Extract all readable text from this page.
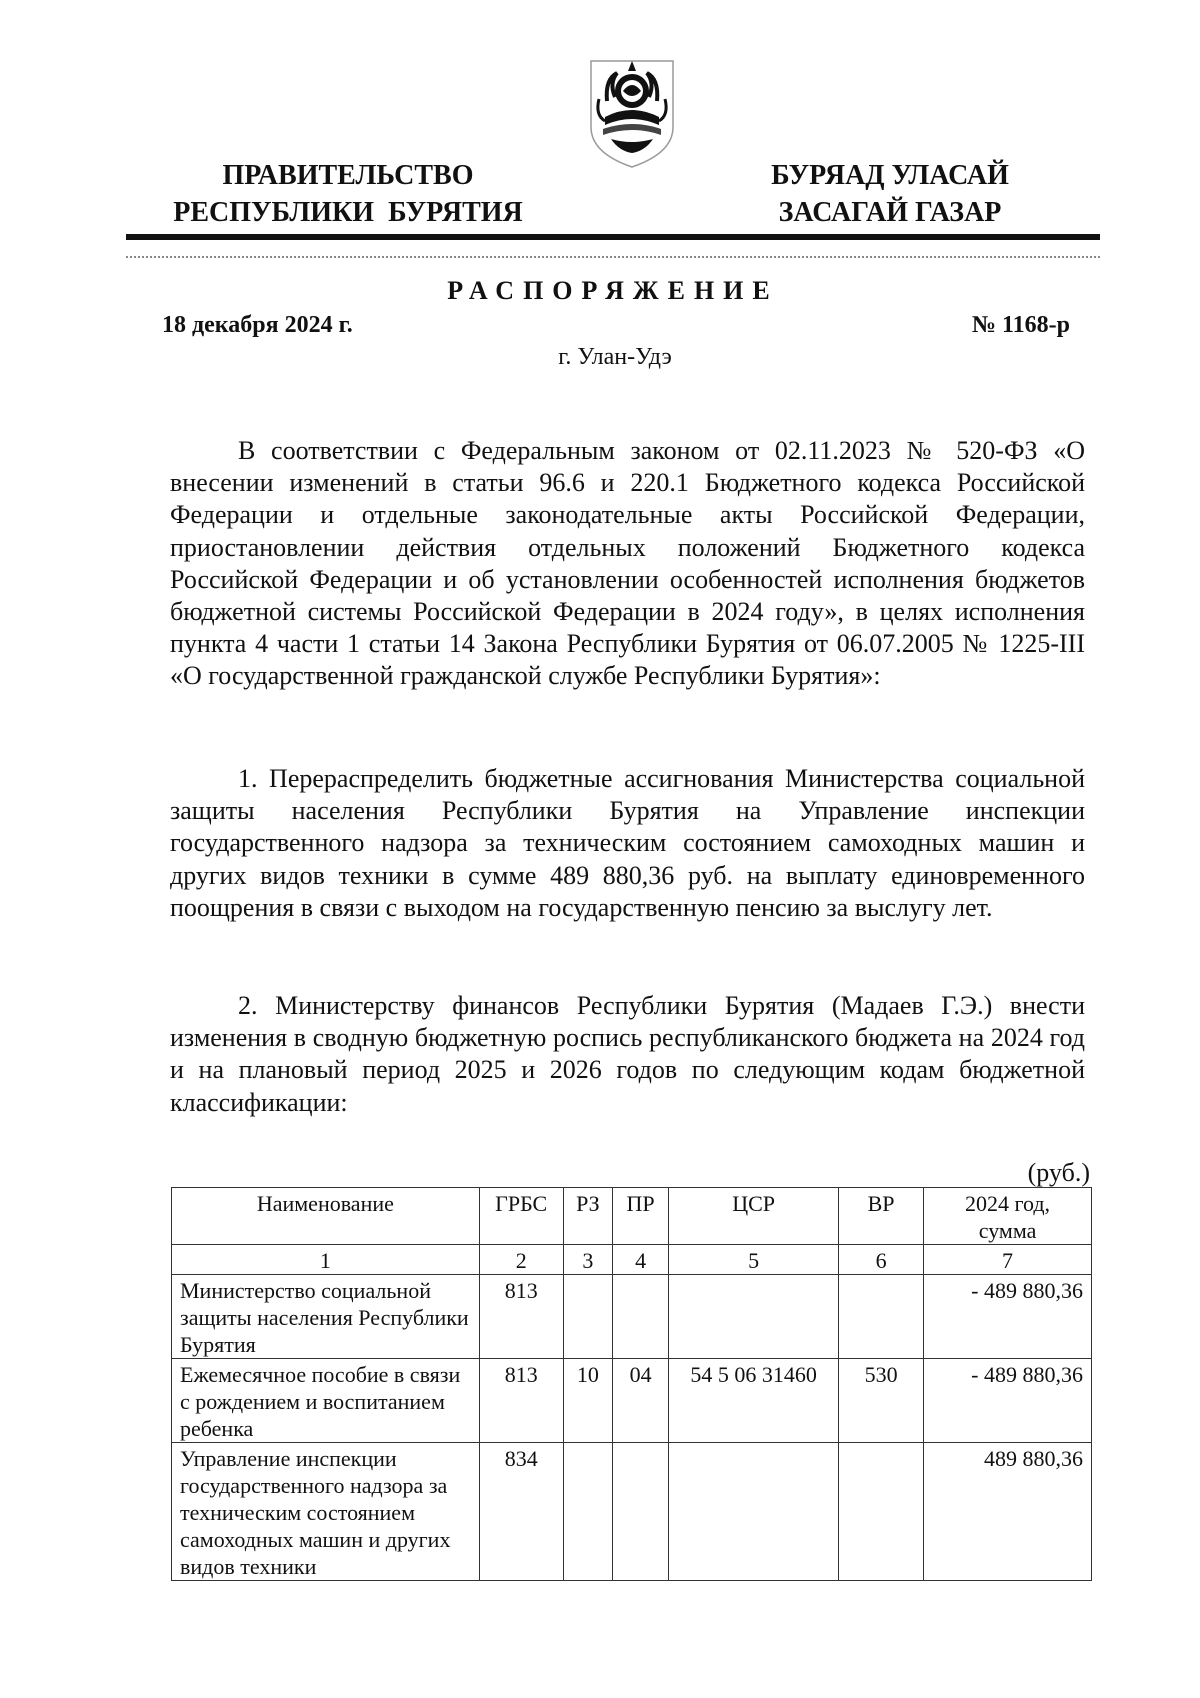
ПРАВИТЕЛЬСТВО
РЕСПУБЛИКИ  БУРЯТИЯ
БУРЯАД УЛАСАЙ
ЗАСАГАЙ ГАЗАР
РАСПОРЯЖЕНИЕ
18 декабря 2024 г.	№ 1168-р
г. Улан-Удэ

В соответствии с Федеральным законом от 02.11.2023 № 520-ФЗ «О внесении изменений в статьи 96.6 и 220.1 Бюджетного кодекса Российской Федерации и отдельные законодательные акты Российской Федерации, приостановлении действия отдельных положений Бюджетного кодекса Российской Федерации и об установлении особенностей исполнения бюджетов бюджетной системы Российской Федерации в 2024 году», в целях исполнения пункта 4 части 1 статьи 14 Закона Республики Бурятия от 06.07.2005 № 1225-III «О государственной гражданской службе Республики Бурятия»:

1. Перераспределить бюджетные ассигнования Министерства социальной защиты населения Республики Бурятия на Управление инспекции государственного надзора за техническим состоянием самоходных машин и других видов техники в сумме 489 880,36 руб. на выплату единовременного поощрения в связи с выходом на государственную пенсию за выслугу лет.

2. Министерству финансов Республики Бурятия (Мадаев Г.Э.) внести изменения в сводную бюджетную роспись республиканского бюджета на 2024 год и на плановый период 2025 и 2026 годов по следующим кодам бюджетной классификации:

(руб.)
Наименование	ГРБС	РЗ	ПР	ЦСР	ВР	2024 год,
сумма

1	2	3	4	5	6	7
Министерство социальной защиты населения Республики Бурятия	813					- 489 880,36
Ежемесячное пособие в связи с рождением и воспитанием ребенка	813	10	04	54 5 06 31460	530	- 489 880,36
Управление инспекции государственного надзора за техническим состоянием самоходных машин и других видов техники	834					489 880,36
